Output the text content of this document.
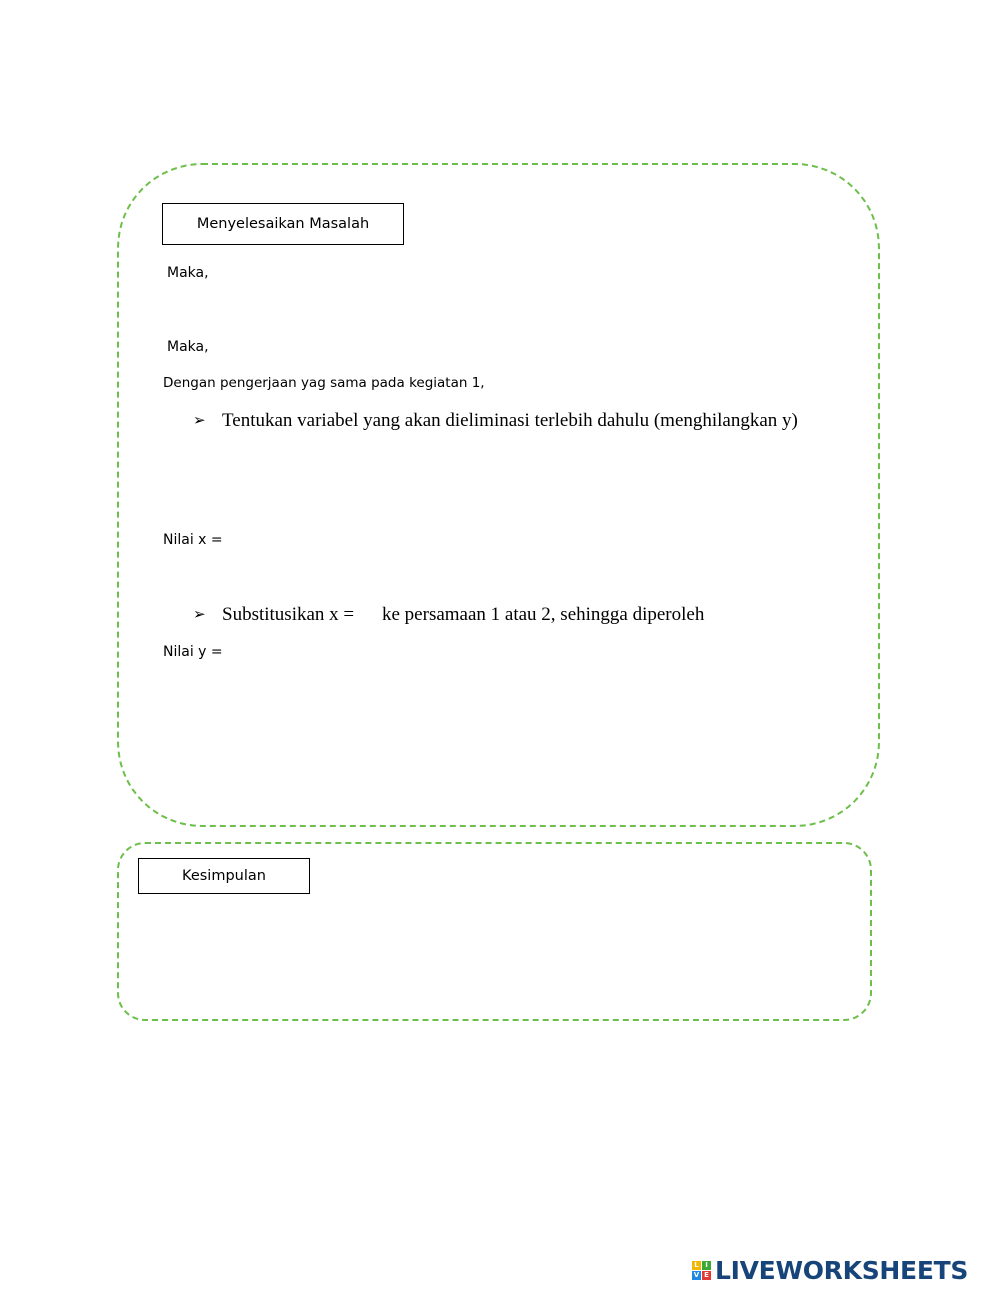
Menyelesaikan Masalah
Maka,
Maka,
Dengan pengerjaan yag sama pada kegiatan 1,
➢ Tentukan variabel yang akan dieliminasi terlebih dahulu (menghilangkan y)
Nilai x =
➢ Substitusikan x = ke persamaan 1 atau 2, sehingga diperoleh
Nilai y =
Kesimpulan
L I
V E LIVEWORKSHEETS
